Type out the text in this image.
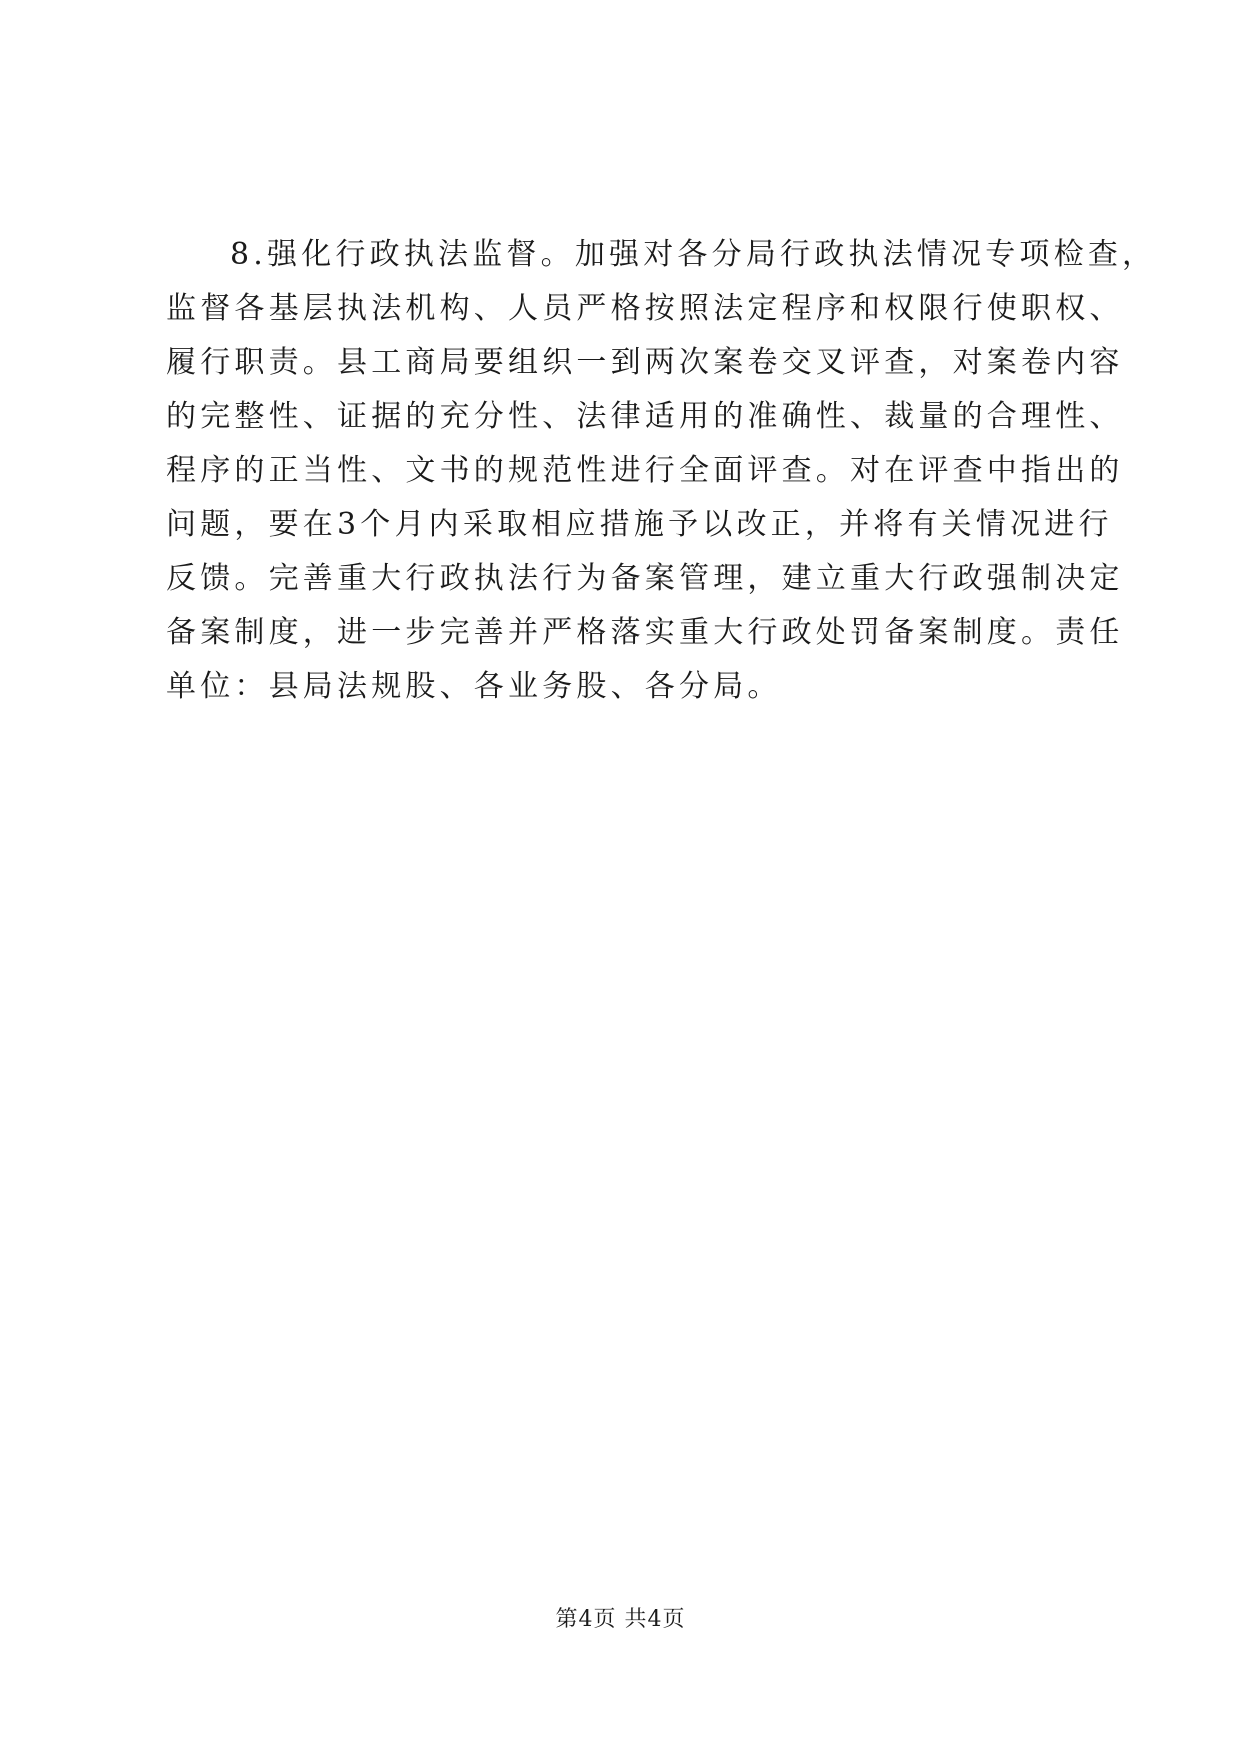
8.强化行政执法监督。加强对各分局行政执法情况专项检查，
监督各基层执法机构、人员严格按照法定程序和权限行使职权、
履行职责。县工商局要组织一到两次案卷交叉评查，对案卷内容
的完整性、证据的充分性、法律适用的准确性、裁量的合理性、
程序的正当性、文书的规范性进行全面评查。对在评查中指出的
问题，要在3个月内采取相应措施予以改正，并将有关情况进行
反馈。完善重大行政执法行为备案管理，建立重大行政强制决定
备案制度，进一步完善并严格落实重大行政处罚备案制度。责任
单位：县局法规股、各业务股、各分局。
第4页 共4页
